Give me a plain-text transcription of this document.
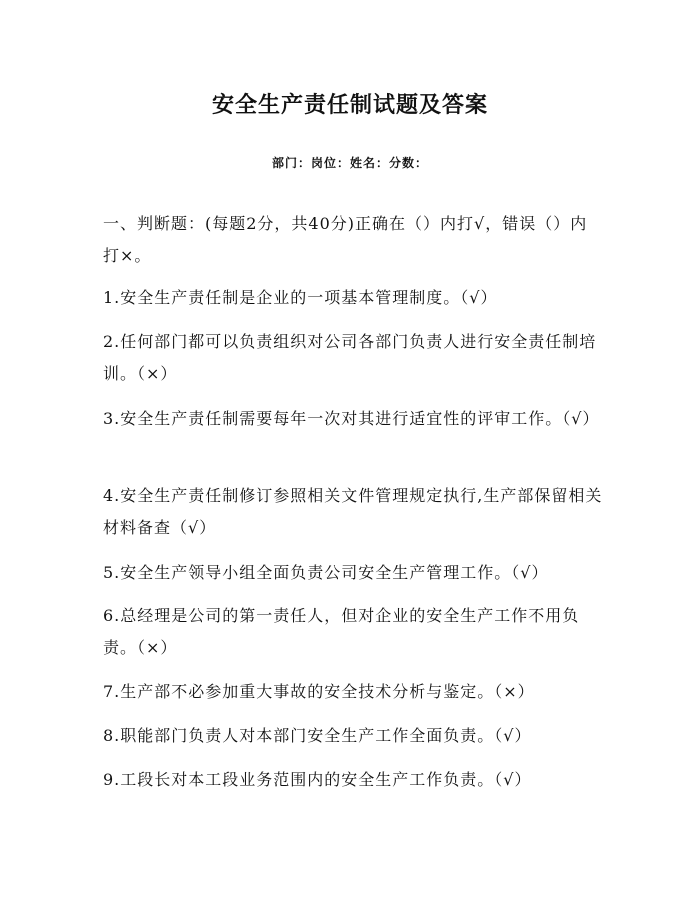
安全生产责任制试题及答案
部门：岗位：姓名：分数：

一、判断题：(每题2分，共40分)正确在（）内打√，错误（）内打×。

1.安全生产责任制是企业的一项基本管理制度。（√）

2.任何部门都可以负责组织对公司各部门负责人进行安全责任制培训。（×）

3.安全生产责任制需要每年一次对其进行适宜性的评审工作。（√）

4.安全生产责任制修订参照相关文件管理规定执行,生产部保留相关材料备查（√）

5.安全生产领导小组全面负责公司安全生产管理工作。（√）

6.总经理是公司的第一责任人，但对企业的安全生产工作不用负责。（×）

7.生产部不必参加重大事故的安全技术分析与鉴定。（×）

8.职能部门负责人对本部门安全生产工作全面负责。（√）

9.工段长对本工段业务范围内的安全生产工作负责。（√）
